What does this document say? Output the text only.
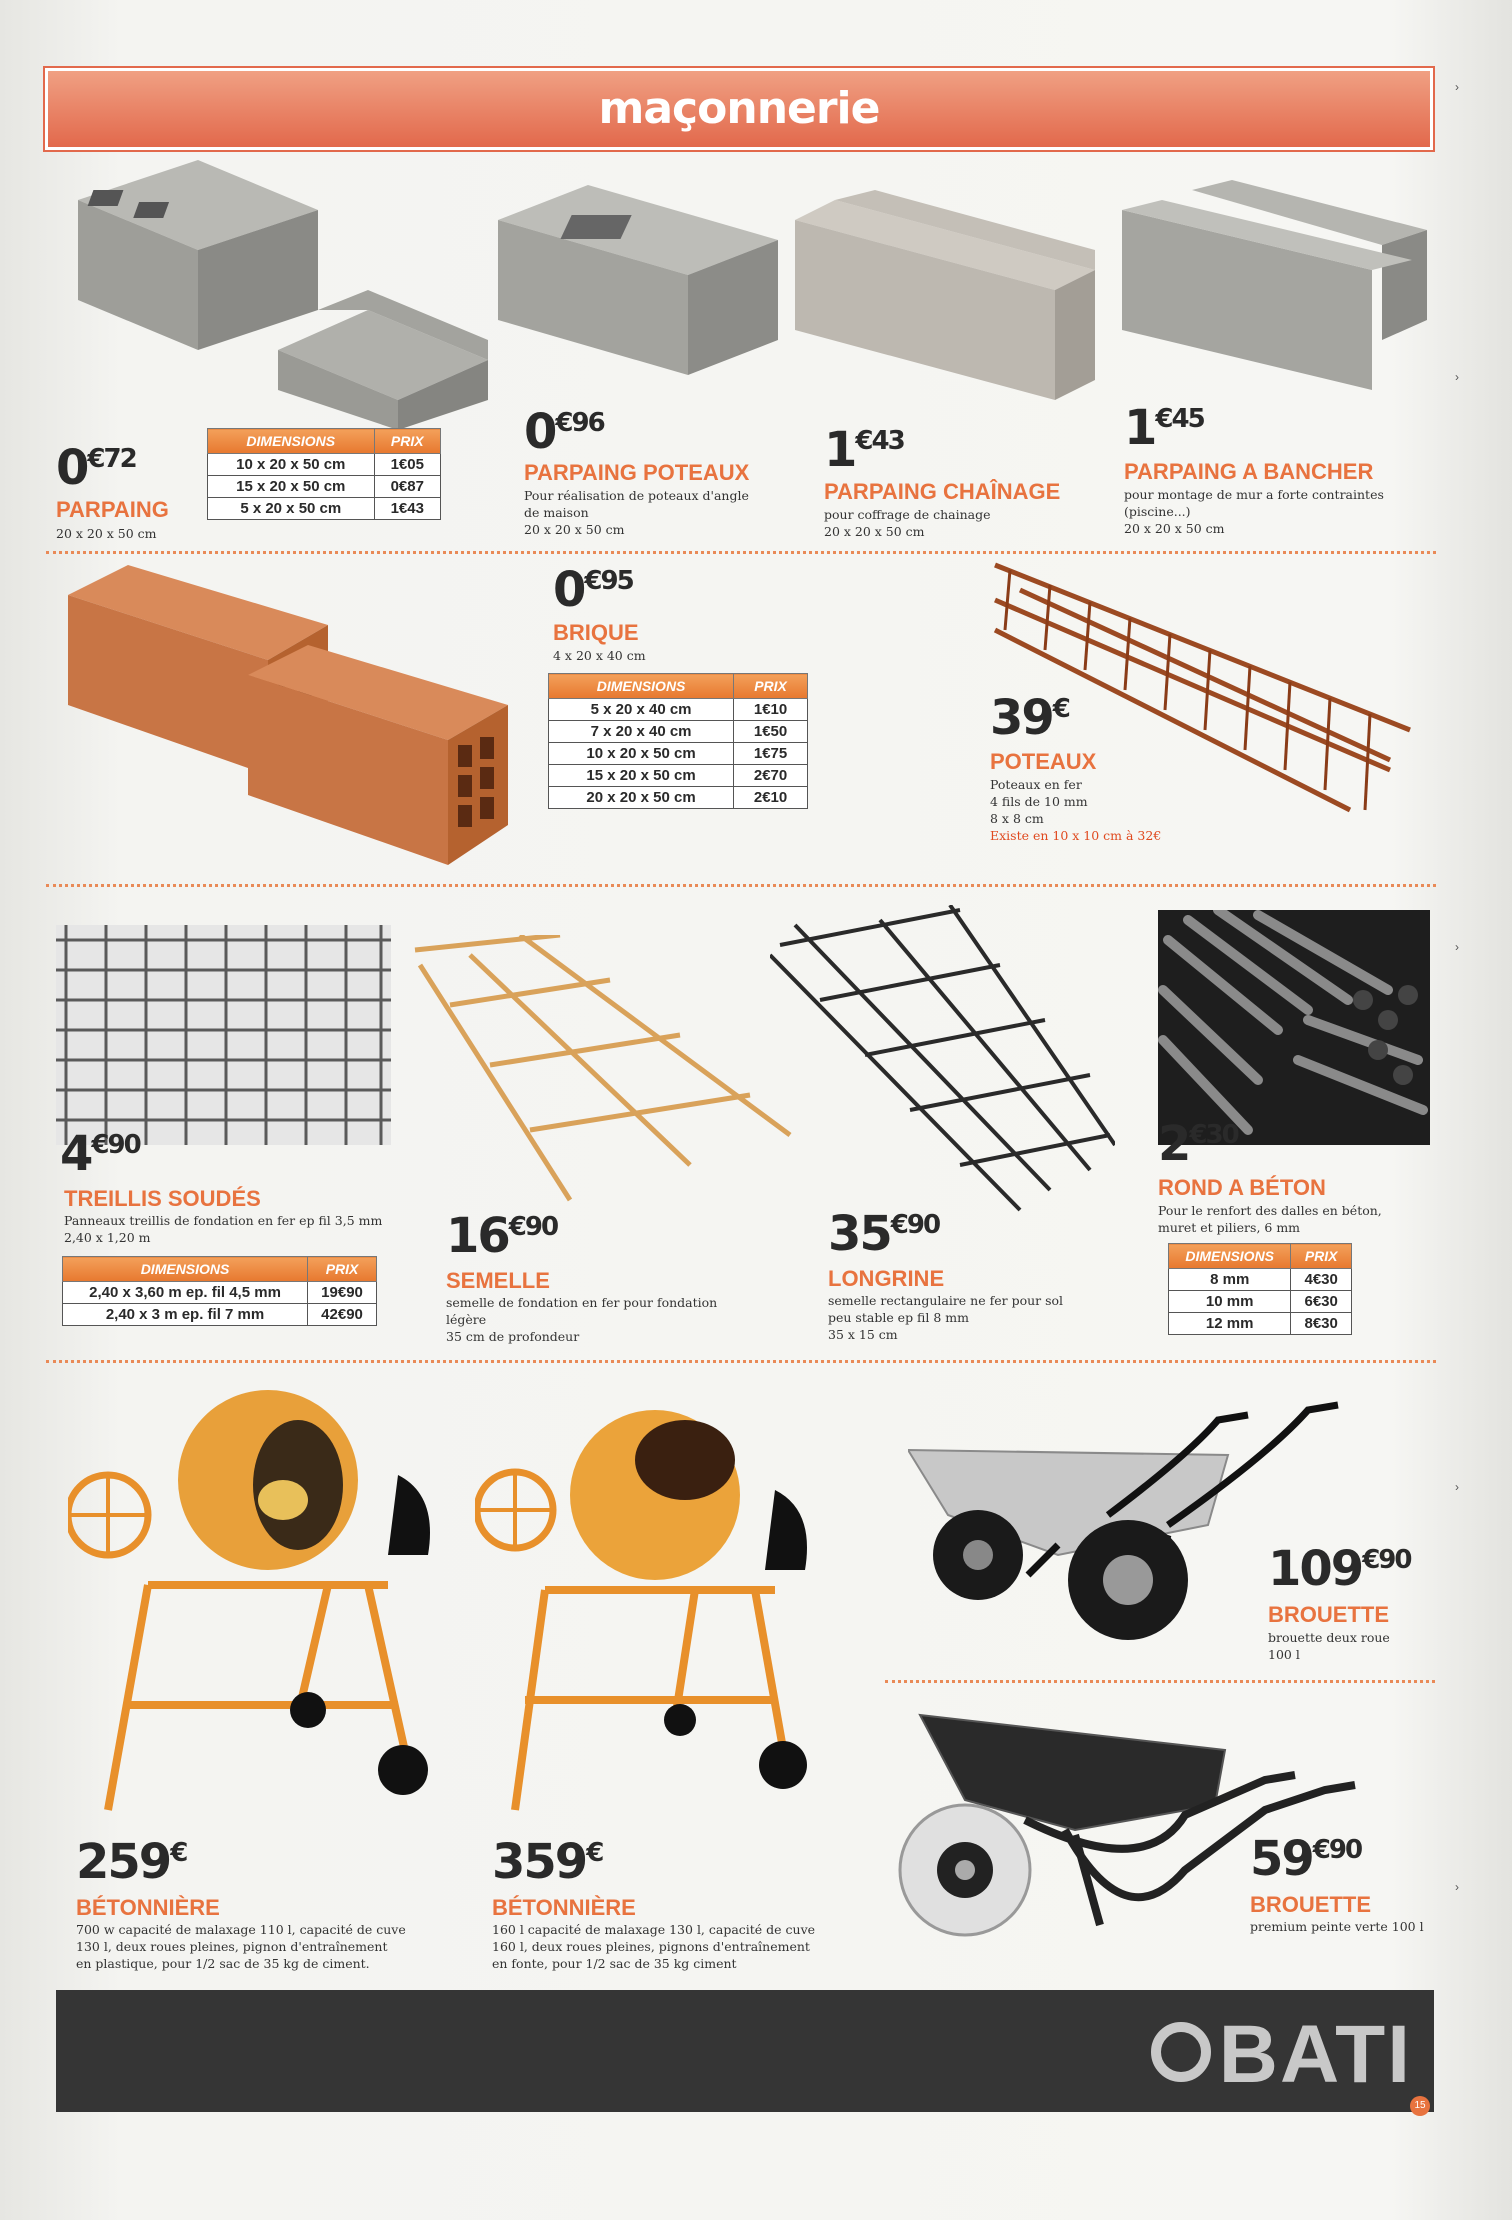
maçonnerie
0€72
PARPAING
20 x 20 x 50 cm
DIMENSIONS	PRIX
10 x 20 x 50 cm	1€05
15 x 20 x 50 cm	0€87
5 x 20 x 50 cm	1€43
0€96
PARPAING POTEAUX
Pour réalisation de poteaux d'angle
de maison
20 x 20 x 50 cm
1€43
PARPAING CHAÎNAGE
pour coffrage de chainage
20 x 20 x 50 cm
1€45
PARPAING A BANCHER
pour montage de mur a forte contraintes
(piscine...)
20 x 20 x 50 cm
0€95
BRIQUE
4 x 20 x 40 cm
DIMENSIONS	PRIX
5 x 20 x 40 cm	1€10
7 x 20 x 40 cm	1€50
10 x 20 x 50 cm	1€75
15 x 20 x 50 cm	2€70
20 x 20 x 50 cm	2€10
39€
POTEAUX
Poteaux en fer
4 fils de 10 mm
8 x 8 cm
Existe en 10 x 10 cm à 32€
4€90
TREILLIS SOUDÉS
Panneaux treillis de fondation en fer ep fil 3,5 mm
2,40 x 1,20 m
DIMENSIONS	PRIX
2,40 x 3,60 m ep. fil 4,5 mm	19€90
2,40 x 3 m ep. fil 7 mm	42€90
16€90
SEMELLE
semelle de fondation en fer pour fondation
légère
35 cm de profondeur
35€90
LONGRINE
semelle rectangulaire ne fer pour sol
peu stable ep fil 8 mm
35 x 15 cm
2€30
ROND A BÉTON
Pour le renfort des dalles en béton,
muret et piliers, 6 mm
DIMENSIONS	PRIX
8 mm	4€30
10 mm	6€30
12 mm	8€30
259€
BÉTONNIÈRE
700 w capacité de malaxage 110 l, capacité de cuve
130 l, deux roues pleines, pignon d'entraînement
en plastique, pour 1/2 sac de 35 kg de ciment.
359€
BÉTONNIÈRE
160 l capacité de malaxage 130 l, capacité de cuve
160 l, deux roues pleines, pignons d'entraînement
en fonte, pour 1/2 sac de 35 kg ciment
109€90
BROUETTE
brouette deux roue
100 l
59€90
BROUETTE
premium peinte verte 100 l
BATI
15
›
›
›
›
›
